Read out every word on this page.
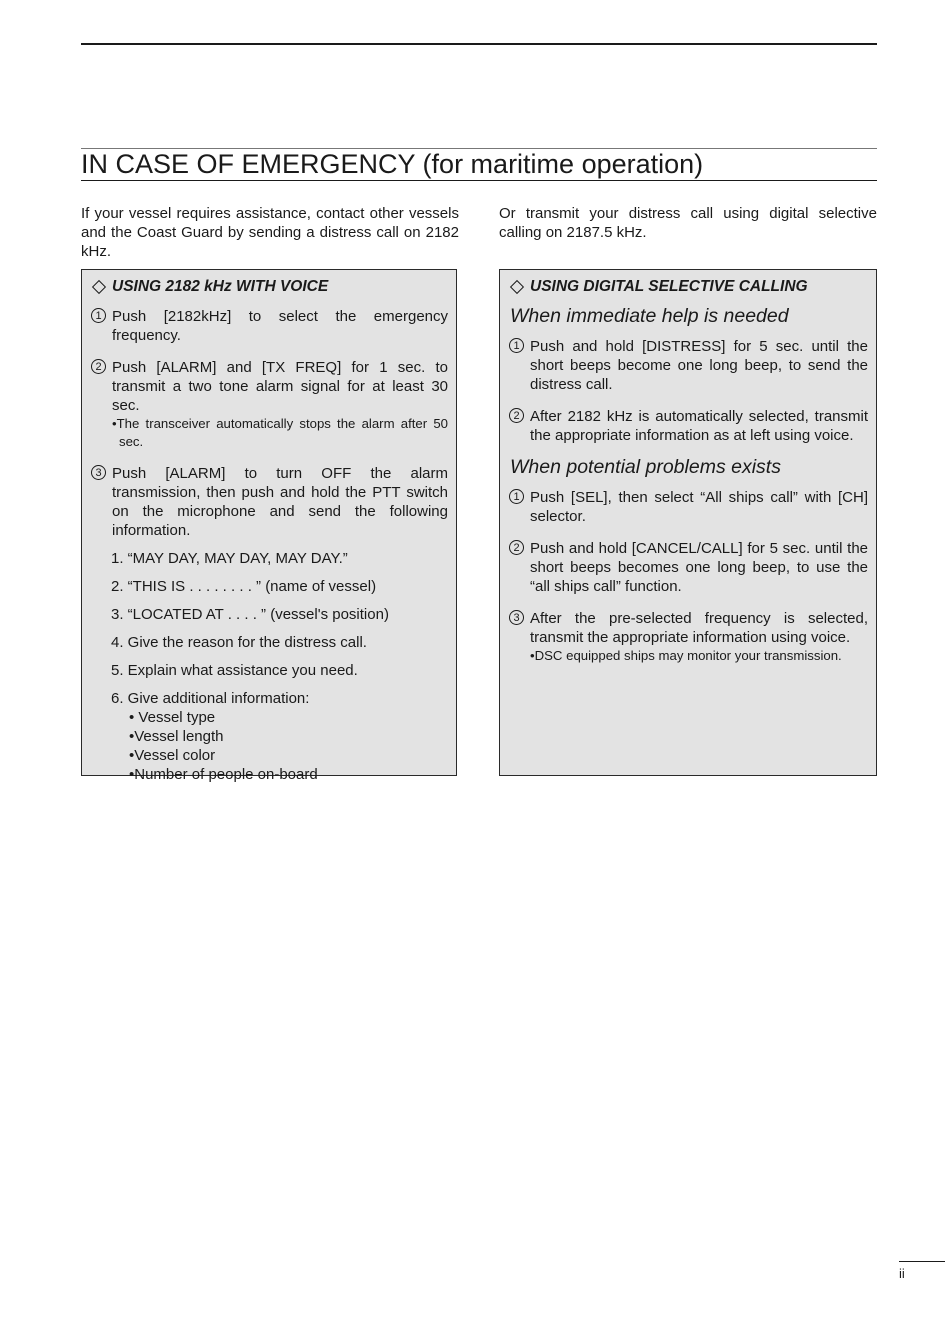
IN CASE OF EMERGENCY (for maritime operation)
If your vessel requires assistance, contact other vessels and the Coast Guard by sending a distress call on 2182 kHz.
Or transmit your distress call using digital selective calling on 2187.5 kHz.
USING 2182 kHz WITH VOICE
1 Push [2182kHz] to select the emergency frequency.
2 Push [ALARM] and [TX FREQ] for 1 sec. to transmit a two tone alarm signal for at least 30 sec.
•The transceiver automatically stops the alarm after 50 sec.
3 Push [ALARM] to turn OFF the alarm transmission, then push and hold the PTT switch on the microphone and send the following information.
1. “MAY DAY, MAY DAY, MAY DAY.”
2. “THIS IS . . . . . . . . ” (name of vessel)
3. “LOCATED AT . . . . ” (vessel's position)
4. Give the reason for the distress call.
5. Explain what assistance you need.
6. Give additional information:
• Vessel type
•Vessel length
•Vessel color
•Number of people on-board
USING DIGITAL SELECTIVE CALLING
When immediate help is needed
1 Push and hold [DISTRESS] for 5 sec. until the short beeps become one long beep, to send the distress call.
2 After 2182 kHz is automatically selected, transmit the appropriate information as at left using voice.
When potential problems exists
1 Push [SEL], then select “All ships call” with [CH] selector.
2 Push and hold [CANCEL/CALL] for 5 sec. until the short beeps becomes one long beep, to use the “all ships call” function.
3 After the pre-selected frequency is selected, transmit the appropriate information using voice.
•DSC equipped ships may monitor your transmission.
ii
